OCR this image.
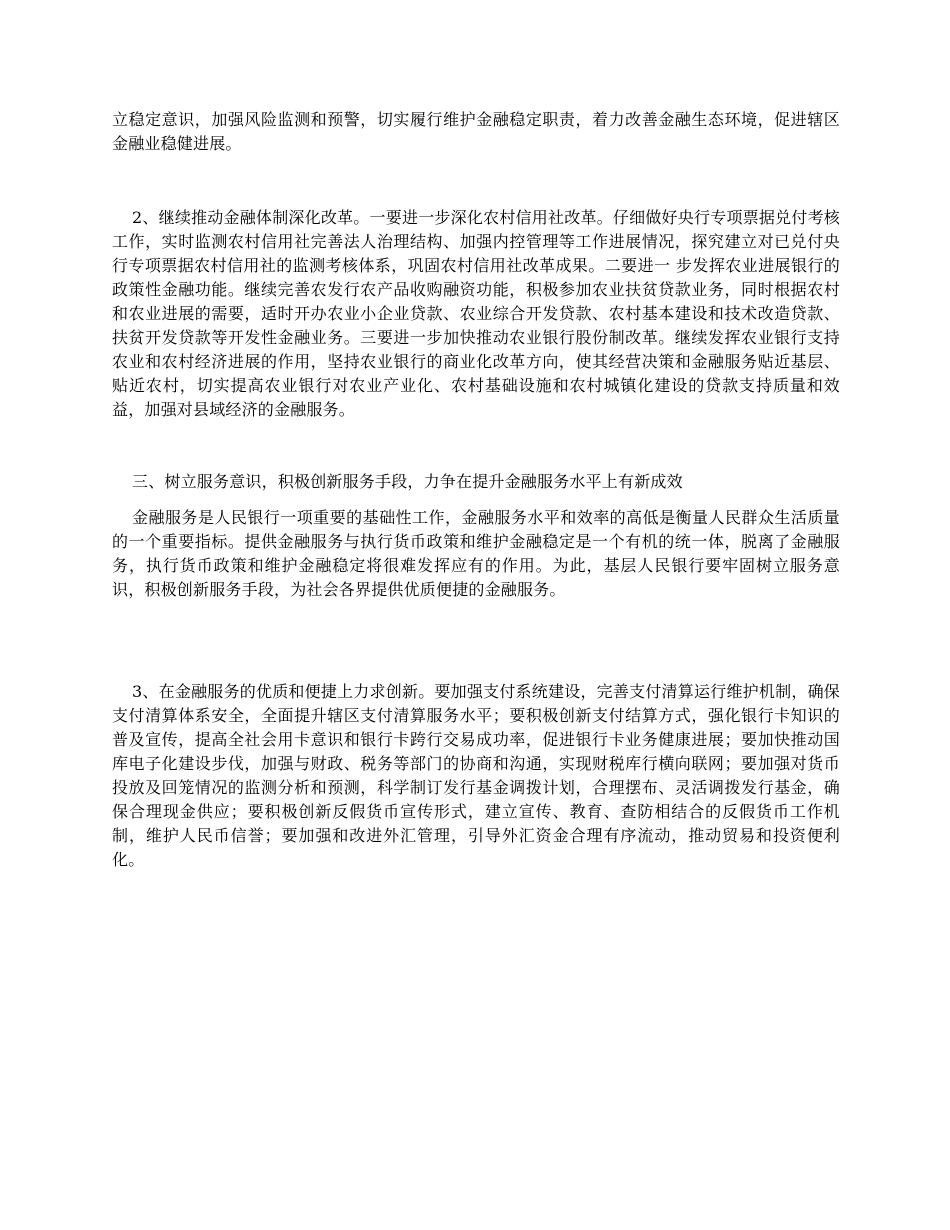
立稳定意识，加强风险监测和预警，切实履行维护金融稳定职责，着力改善金融生态环境，促进辖区金融业稳健进展。

2、继续推动金融体制深化改革。一要进一步深化农村信用社改革。仔细做好央行专项票据兑付考核工作，实时监测农村信用社完善法人治理结构、加强内控管理等工作进展情况，探究建立对已兑付央行专项票据农村信用社的监测考核体系，巩固农村信用社改革成果。二要进一 步发挥农业进展银行的政策性金融功能。继续完善农发行农产品收购融资功能，积极参加农业扶贫贷款业务，同时根据农村和农业进展的需要，适时开办农业小企业贷款、农业综合开发贷款、农村基本建设和技术改造贷款、扶贫开发贷款等开发性金融业务。三要进一步加快推动农业银行股份制改革。继续发挥农业银行支持农业和农村经济进展的作用，坚持农业银行的商业化改革方向，使其经营决策和金融服务贴近基层、贴近农村，切实提高农业银行对农业产业化、农村基础设施和农村城镇化建设的贷款支持质量和效益，加强对县域经济的金融服务。

三、树立服务意识，积极创新服务手段，力争在提升金融服务水平上有新成效

金融服务是人民银行一项重要的基础性工作，金融服务水平和效率的高低是衡量人民群众生活质量的一个重要指标。提供金融服务与执行货币政策和维护金融稳定是一个有机的统一体，脱离了金融服务，执行货币政策和维护金融稳定将很难发挥应有的作用。为此，基层人民银行要牢固树立服务意识，积极创新服务手段，为社会各界提供优质便捷的金融服务。

3、在金融服务的优质和便捷上力求创新。要加强支付系统建设，完善支付清算运行维护机制，确保支付清算体系安全，全面提升辖区支付清算服务水平；要积极创新支付结算方式，强化银行卡知识的普及宣传，提高全社会用卡意识和银行卡跨行交易成功率，促进银行卡业务健康进展；要加快推动国库电子化建设步伐，加强与财政、税务等部门的协商和沟通，实现财税库行横向联网；要加强对货币投放及回笼情况的监测分析和预测，科学制订发行基金调拨计划，合理摆布、灵活调拨发行基金，确保合理现金供应；要积极创新反假货币宣传形式，建立宣传、教育、查防相结合的反假货币工作机制，维护人民币信誉；要加强和改进外汇管理，引导外汇资金合理有序流动，推动贸易和投资便利化。
